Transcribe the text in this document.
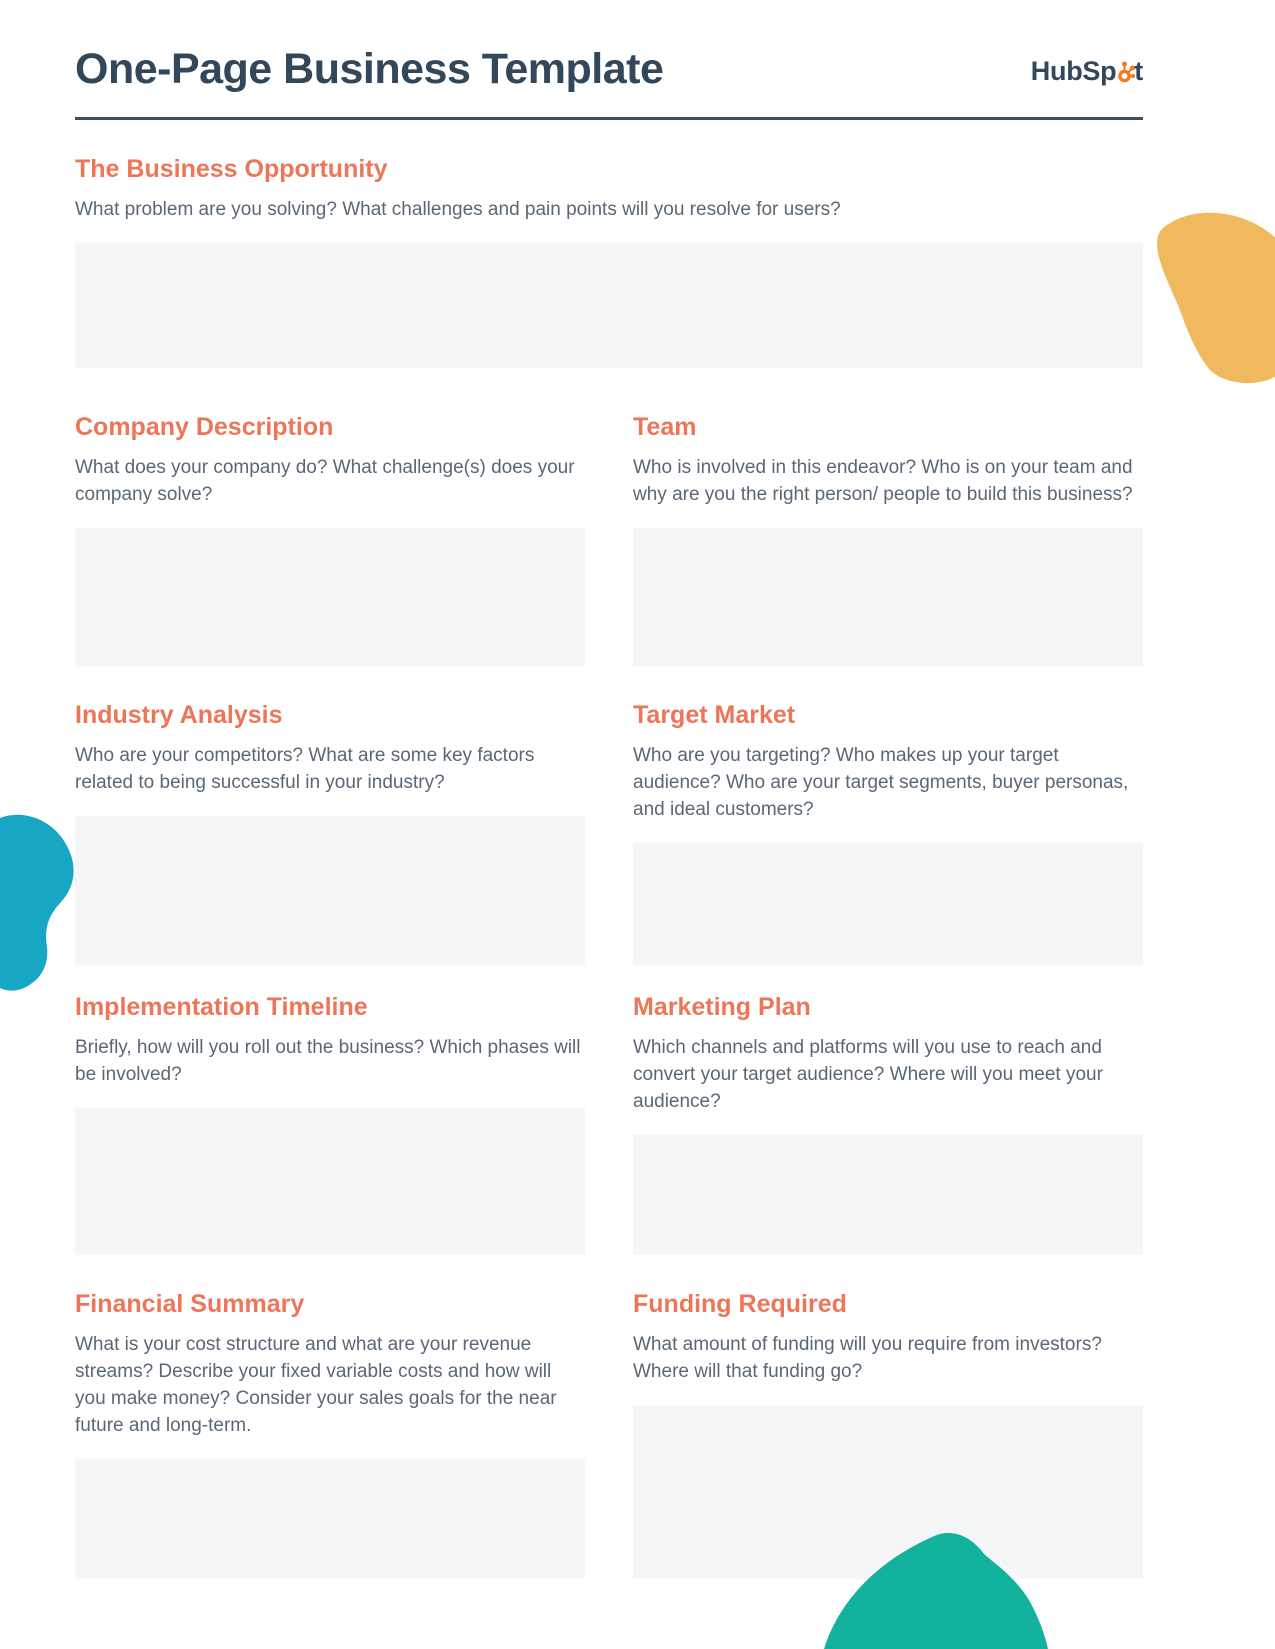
One-Page Business Template	HubSp t
The Business Opportunity
What problem are you solving? What challenges and pain points will you resolve for users?
Company Description
What does your company do? What challenge(s) does your company solve?
Team
Who is involved in this endeavor? Who is on your team and why are you the right person/ people to build this business?
Industry Analysis
Who are your competitors? What are some key factors related to being successful in your industry?
Target Market
Who are you targeting? Who makes up your target audience? Who are your target segments, buyer personas, and ideal customers?
Implementation Timeline
Briefly, how will you roll out the business? Which phases will be involved?
Marketing Plan
Which channels and platforms will you use to reach and convert your target audience? Where will you meet your audience?
Financial Summary
What is your cost structure and what are your revenue streams? Describe your fixed variable costs and how will you make money? Consider your sales goals for the near future and long-term.
Funding Required
What amount of funding will you require from investors? Where will that funding go?
